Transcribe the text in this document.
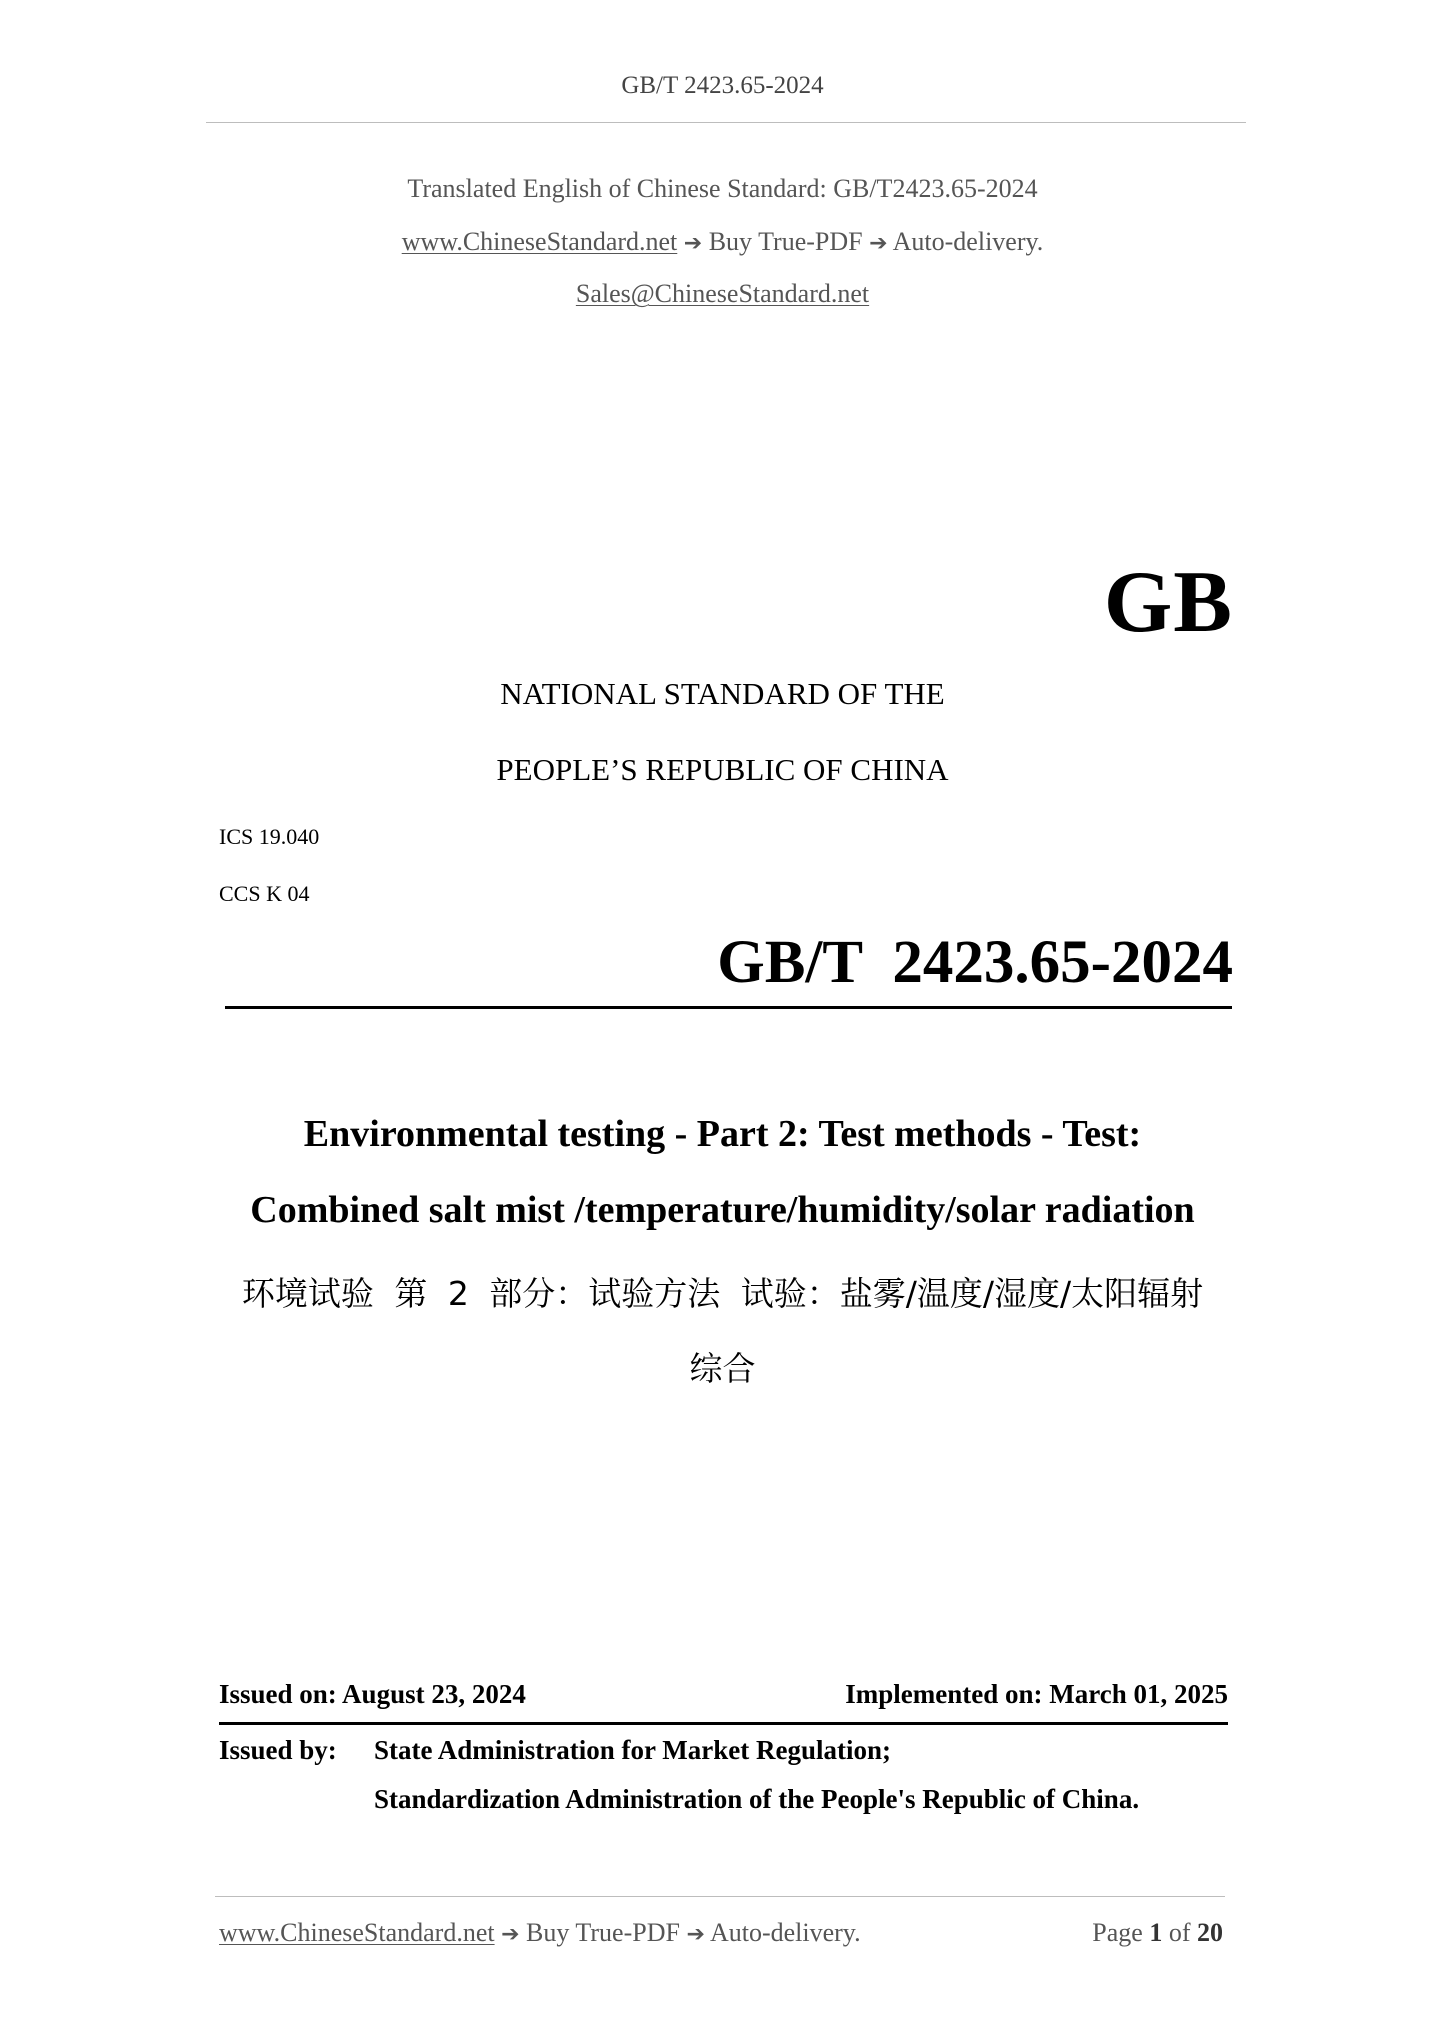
GB/T 2423.65-2024
Translated English of Chinese Standard: GB/T2423.65-2024
www.ChineseStandard.net ➔ Buy True-PDF ➔ Auto-delivery.
Sales@ChineseStandard.net
GB
NATIONAL STANDARD OF THE
PEOPLE’S REPUBLIC OF CHINA
ICS 19.040
CCS K 04
GB/T  2423.65-2024
Environmental testing - Part 2: Test methods - Test:
Combined salt mist /temperature/humidity/solar radiation
环境试验 第 2 部分：试验方法 试验：盐雾/温度/湿度/太阳辐射
综合
Issued on: August 23, 2024	Implemented on: March 01, 2025
Issued by: State Administration for Market Regulation;
Standardization Administration of the People's Republic of China.
www.ChineseStandard.net ➔ Buy True-PDF ➔ Auto-delivery.	Page 1 of 20
